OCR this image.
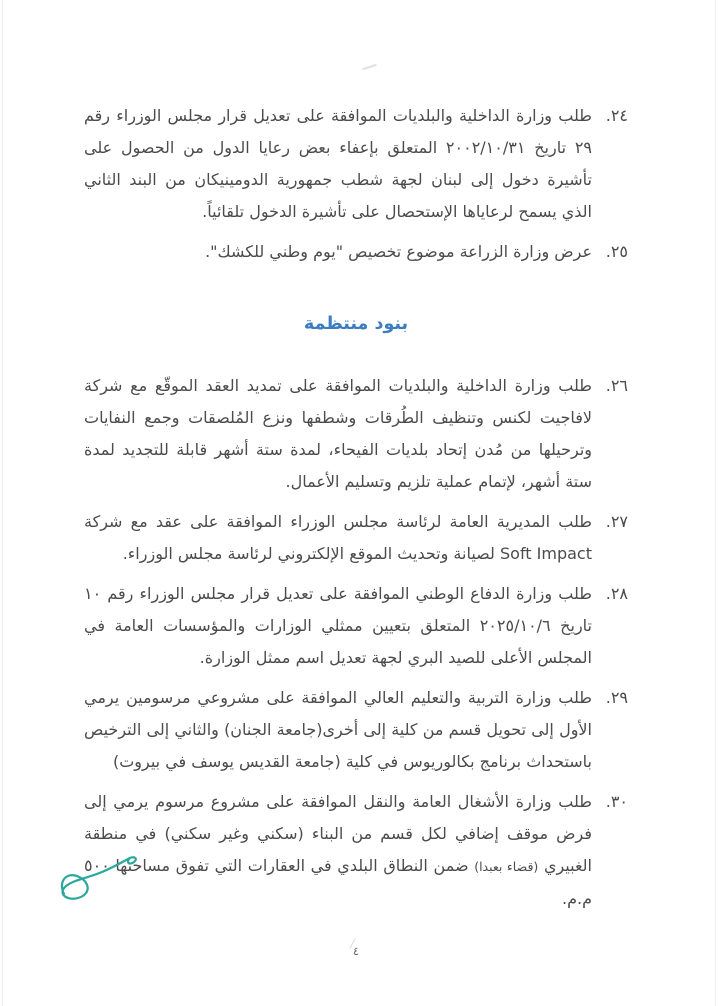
٢٤.
طلب وزارة الداخلية والبلديات الموافقة على تعديل قرار مجلس الوزراء رقم ٢٩ تاريخ ٢٠٠٢/١٠/٣١ المتعلق بإعفاء بعض رعايا الدول من الحصول على تأشيرة دخول إلى لبنان لجهة شطب جمهورية الدومينيكان من البند الثاني الذي يسمح لرعاياها الإستحصال على تأشيرة الدخول تلقائياً.
٢٥.
عرض وزارة الزراعة موضوع تخصيص "يوم وطني للكشك".
بنود منتظمة
٢٦.
طلب وزارة الداخلية والبلديات الموافقة على تمديد العقد الموقّع مع شركة لافاجيت لكنس وتنظيف الطُرقات وشطفها ونزع المُلصقات وجمع النفايات وترحيلها من مُدن إتحاد بلديات الفيحاء، لمدة ستة أشهر قابلة للتجديد لمدة ستة أشهر، لإتمام عملية تلزيم وتسليم الأعمال.
٢٧.
طلب المديرية العامة لرئاسة مجلس الوزراء الموافقة على عقد مع شركة Soft Impact لصيانة وتحديث الموقع الإلكتروني لرئاسة مجلس الوزراء.
٢٨.
طلب وزارة الدفاع الوطني الموافقة على تعديل قرار مجلس الوزراء رقم ١٠ تاريخ ٢٠٢٥/١٠/٦ المتعلق بتعيين ممثلي الوزارات والمؤسسات العامة في المجلس الأعلى للصيد البري لجهة تعديل اسم ممثل الوزارة.
٢٩.
طلب وزارة التربية والتعليم العالي الموافقة على مشروعي مرسومين يرمي الأول إلى تحويل قسم من كلية إلى أخرى(جامعة الجنان) والثاني إلى الترخيص باستحداث برنامج بكالوريوس في كلية (جامعة القديس يوسف في بيروت)
٣٠.
طلب وزارة الأشغال العامة والنقل الموافقة على مشروع مرسوم يرمي إلى فرض موقف إضافي لكل قسم من البناء (سكني وغير سكني) في منطقة الغبيري (قضاء بعبدا) ضمن النطاق البلدي في العقارات التي تفوق مساحتها ٥٠٠ م.م.
٤
